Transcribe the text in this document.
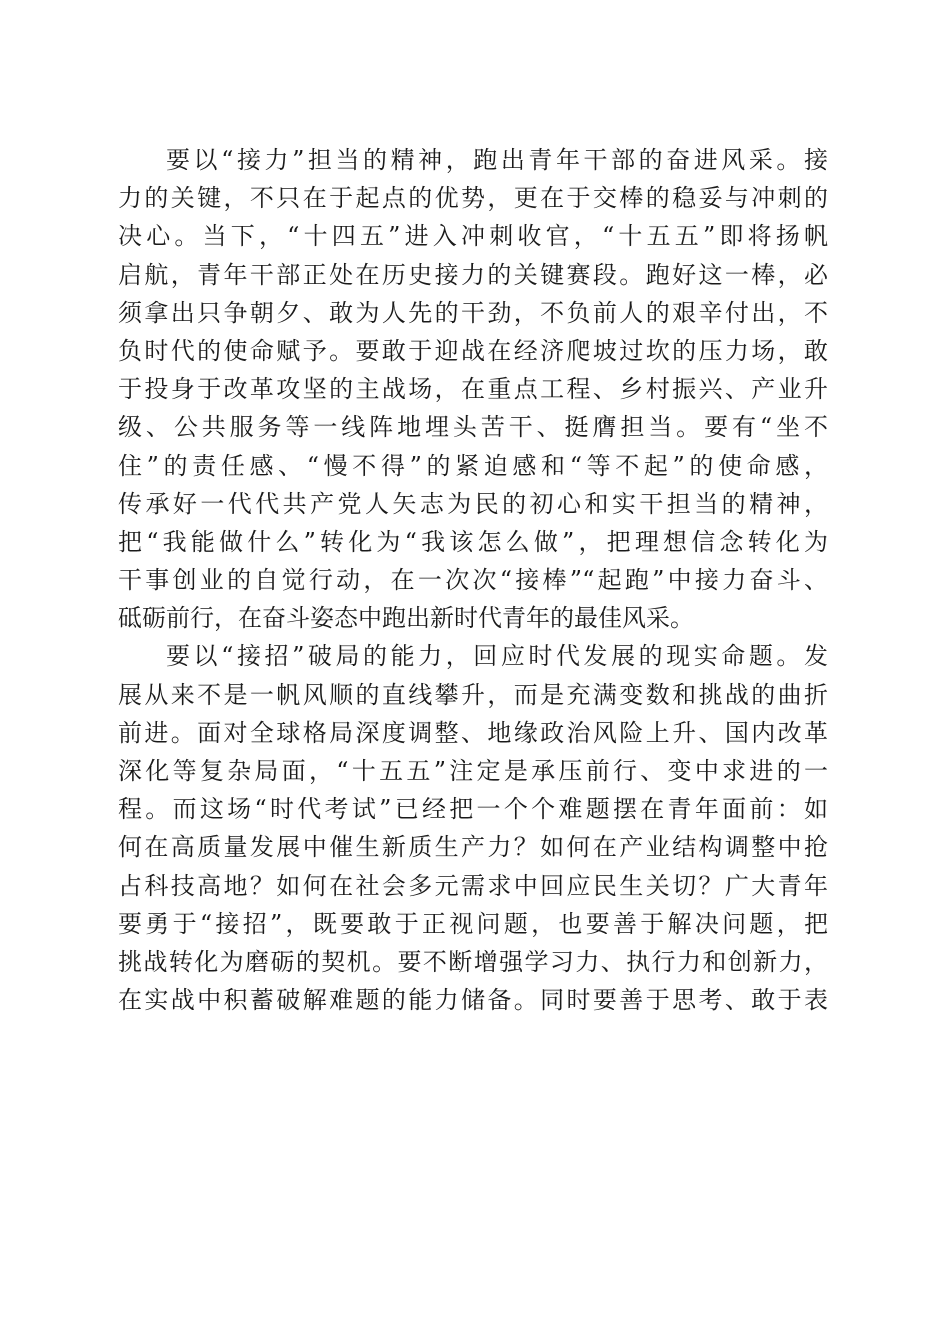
要以“接力”担当的精神，跑出青年干部的奋进风采。接
力的关键，不只在于起点的优势，更在于交棒的稳妥与冲刺的
决心。当下，“十四五”进入冲刺收官，“十五五”即将扬帆
启航，青年干部正处在历史接力的关键赛段。跑好这一棒，必
须拿出只争朝夕、敢为人先的干劲，不负前人的艰辛付出，不
负时代的使命赋予。要敢于迎战在经济爬坡过坎的压力场，敢
于投身于改革攻坚的主战场，在重点工程、乡村振兴、产业升
级、公共服务等一线阵地埋头苦干、挺膺担当。要有“坐不
住”的责任感、“慢不得”的紧迫感和“等不起”的使命感，
传承好一代代共产党人矢志为民的初心和实干担当的精神，
把“我能做什么”转化为“我该怎么做”，把理想信念转化为
干事创业的自觉行动，在一次次“接棒”“起跑”中接力奋斗、
砥砺前行，在奋斗姿态中跑出新时代青年的最佳风采。
要以“接招”破局的能力，回应时代发展的现实命题。发
展从来不是一帆风顺的直线攀升，而是充满变数和挑战的曲折
前进。面对全球格局深度调整、地缘政治风险上升、国内改革
深化等复杂局面，“十五五”注定是承压前行、变中求进的一
程。而这场“时代考试”已经把一个个难题摆在青年面前：如
何在高质量发展中催生新质生产力？如何在产业结构调整中抢
占科技高地？如何在社会多元需求中回应民生关切？广大青年
要勇于“接招”，既要敢于正视问题，也要善于解决问题，把
挑战转化为磨砺的契机。要不断增强学习力、执行力和创新力，
在实战中积蓄破解难题的能力储备。同时要善于思考、敢于表
